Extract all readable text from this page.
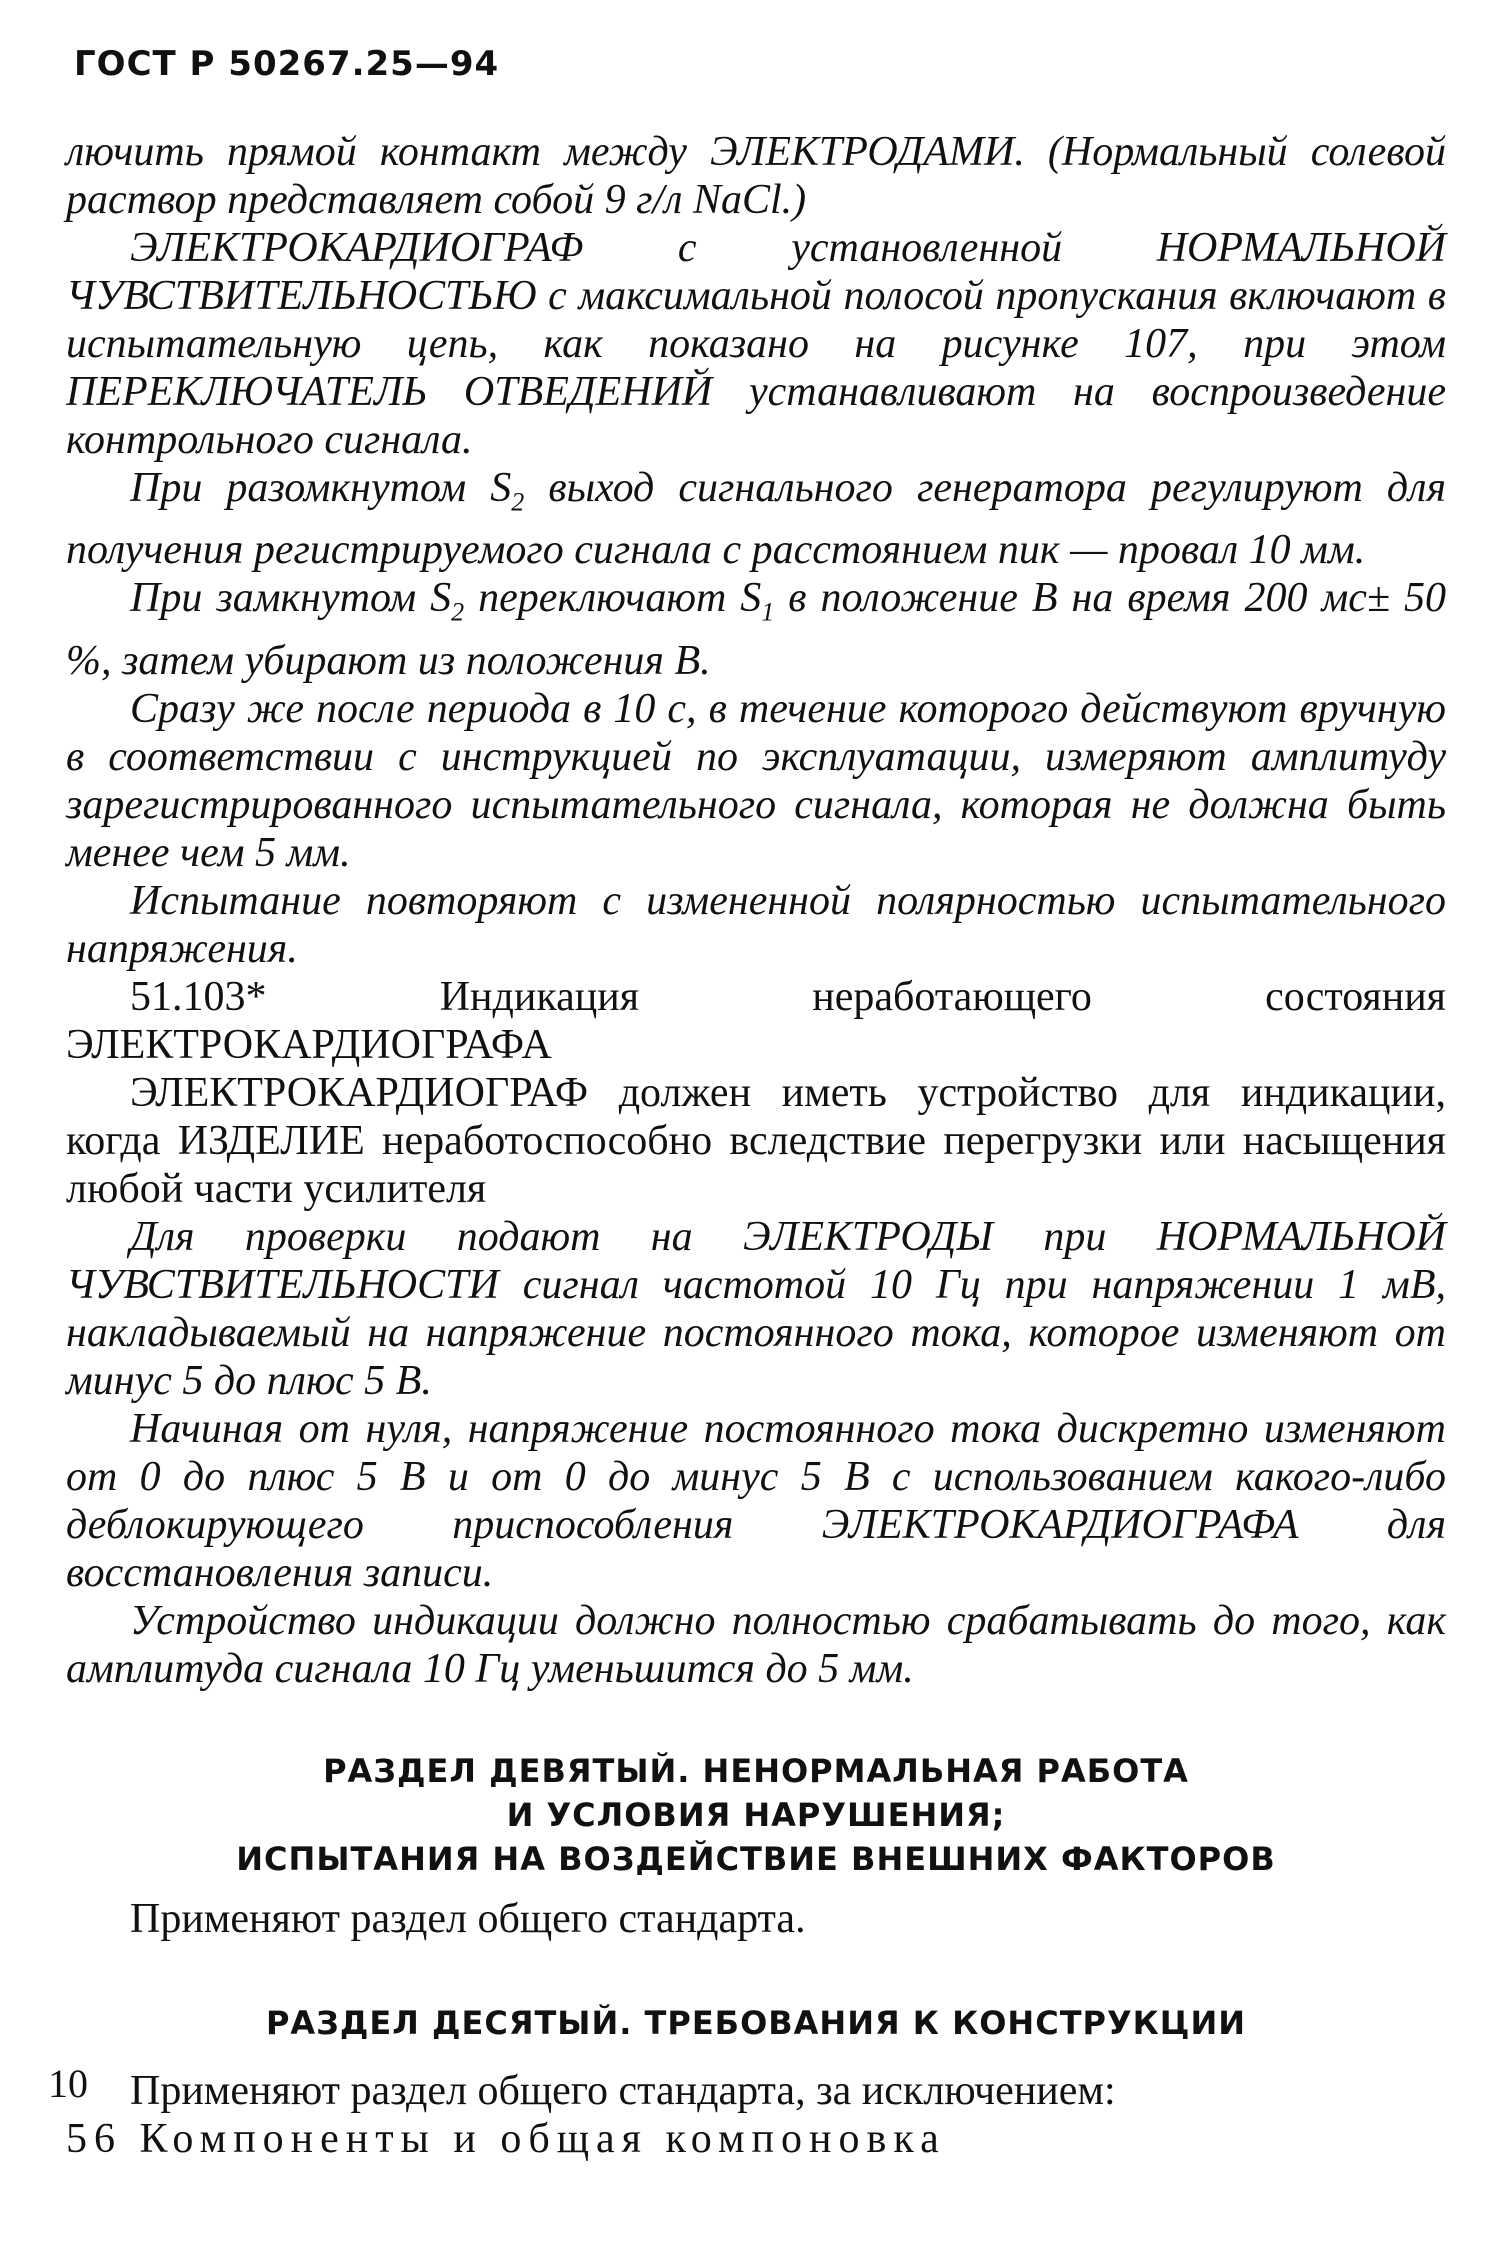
ГОСТ Р 50267.25—94

лючить прямой контакт между ЭЛЕКТРОДАМИ. (Нормальный солевой раствор представляет собой 9 г/л NaCl.)

ЭЛЕКТРОКАРДИОГРАФ с установленной НОРМАЛЬНОЙ ЧУВСТВИТЕЛЬНОСТЬЮ с максимальной полосой пропускания включают в испытательную цепь, как показано на рисунке 107, при этом ПЕРЕКЛЮЧАТЕЛЬ ОТВЕДЕНИЙ устанавливают на воспроизведение контрольного сигнала.

При разомкнутом $S_2$ выход сигнального генератора регулируют для получения регистрируемого сигнала с расстоянием пик — провал 10 мм.

При замкнутом $S_2$ переключают $S_1$ в положение В на время 200 мс± 50 %, затем убирают из положения В.

Сразу же после периода в 10 с, в течение которого действуют вручную в соответствии с инструкцией по эксплуатации, измеряют амплитуду зарегистрированного испытательного сигнала, которая не должна быть менее чем 5 мм.

Испытание повторяют с измененной полярностью испытательного напряжения.

51.103* Индикация неработающего состояния ЭЛЕКТРОКАРДИОГРАФА

ЭЛЕКТРОКАРДИОГРАФ должен иметь устройство для индикации, когда ИЗДЕЛИЕ неработоспособно вследствие перегрузки или насыщения любой части усилителя

Для проверки подают на ЭЛЕКТРОДЫ при НОРМАЛЬНОЙ ЧУВСТВИТЕЛЬНОСТИ сигнал частотой 10 Гц при напряжении 1 мВ, накладываемый на напряжение постоянного тока, которое изменяют от минус 5 до плюс 5 В.

Начиная от нуля, напряжение постоянного тока дискретно изменяют от 0 до плюс 5 В и от 0 до минус 5 В с использованием какого-либо деблокирующего приспособления ЭЛЕКТРОКАРДИОГРАФА для восстановления записи.

Устройство индикации должно полностью срабатывать до того, как амплитуда сигнала 10 Гц уменьшится до 5 мм.

РАЗДЕЛ ДЕВЯТЫЙ. НЕНОРМАЛЬНАЯ РАБОТА

И УСЛОВИЯ НАРУШЕНИЯ;

ИСПЫТАНИЯ НА ВОЗДЕЙСТВИЕ ВНЕШНИХ ФАКТОРОВ

Применяют раздел общего стандарта.

РАЗДЕЛ ДЕСЯТЫЙ. ТРЕБОВАНИЯ К КОНСТРУКЦИИ

Применяют раздел общего стандарта, за исключением:

56 Компоненты и общая компоновка

10
